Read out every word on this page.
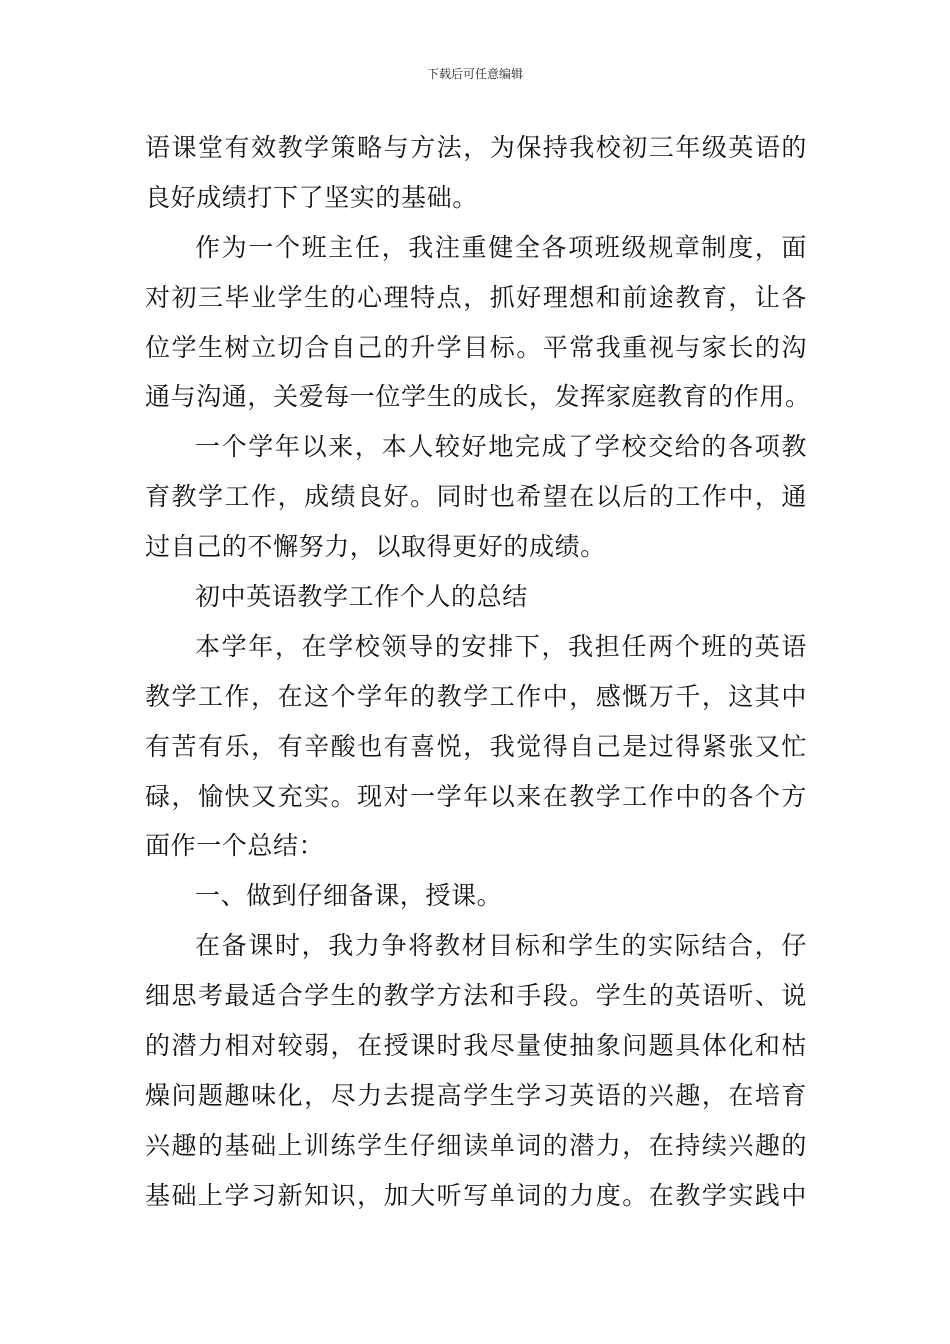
下载后可任意编辑
语课堂有效教学策略与方法，为保持我校初三年级英语的
良好成绩打下了坚实的基础。
作为一个班主任，我注重健全各项班级规章制度，面
对初三毕业学生的心理特点，抓好理想和前途教育，让各
位学生树立切合自己的升学目标。平常我重视与家长的沟
通与沟通，关爱每一位学生的成长，发挥家庭教育的作用。
一个学年以来，本人较好地完成了学校交给的各项教
育教学工作，成绩良好。同时也希望在以后的工作中，通
过自己的不懈努力，以取得更好的成绩。
初中英语教学工作个人的总结
本学年，在学校领导的安排下，我担任两个班的英语
教学工作，在这个学年的教学工作中，感慨万千，这其中
有苦有乐，有辛酸也有喜悦，我觉得自己是过得紧张又忙
碌，愉快又充实。现对一学年以来在教学工作中的各个方
面作一个总结：
一、做到仔细备课，授课。
在备课时，我力争将教材目标和学生的实际结合，仔
细思考最适合学生的教学方法和手段。学生的英语听、说
的潜力相对较弱，在授课时我尽量使抽象问题具体化和枯
燥问题趣味化，尽力去提高学生学习英语的兴趣，在培育
兴趣的基础上训练学生仔细读单词的潜力，在持续兴趣的
基础上学习新知识，加大听写单词的力度。在教学实践中
